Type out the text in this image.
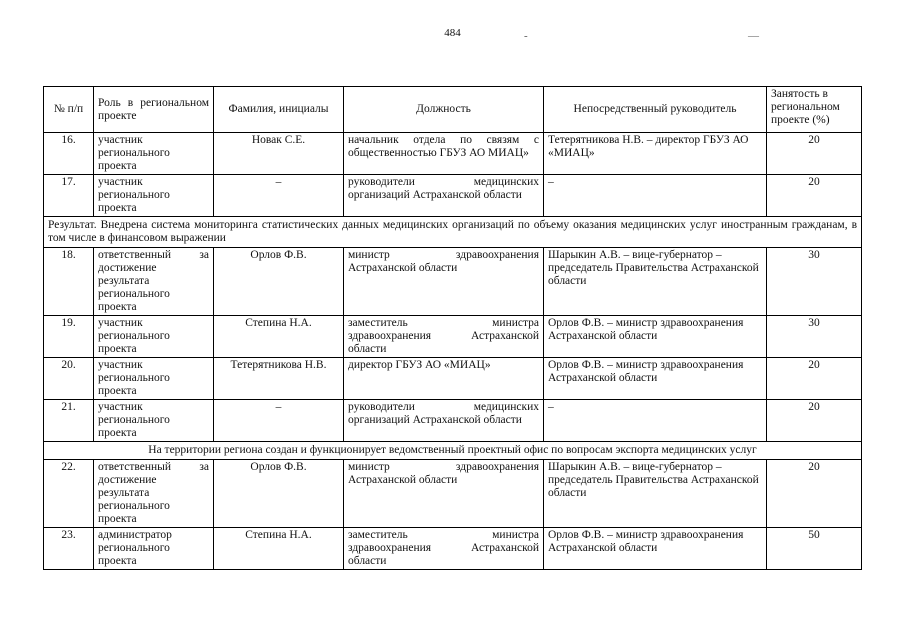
484	-	—
№ п/п	Роль в региональном проекте	Фамилия, инициалы	Должность	Непосредственный руководитель	Занятость в региональном проекте (%)
16.	участник регионального проекта	Новак С.Е.	начальник отдела по связям с общественностью ГБУЗ АО МИАЦ»	Тетерятникова Н.В. – директор ГБУЗ АО «МИАЦ»	20
17.	участник регионального проекта	–	руководители медицинских организаций Астраханской области	–	20
Результат. Внедрена система мониторинга статистических данных медицинских организаций по объему оказания медицинских услуг иностранным гражданам, в том числе в финансовом выражении					
18.	ответственный за достижение результата регионального проекта	Орлов Ф.В.	министр здравоохранения Астраханской области	Шарыкин А.В. – вице-губернатор – председатель Правительства Астраханской области	30
19.	участник регионального проекта	Степина Н.А.	заместитель министра здравоохранения Астраханской области	Орлов Ф.В. – министр здравоохранения Астраханской области	30
20.	участник регионального проекта	Тетерятникова Н.В.	директор ГБУЗ АО «МИАЦ»	Орлов Ф.В. – министр здравоохранения Астраханской области	20
21.	участник регионального проекта	–	руководители медицинских организаций Астраханской области	–	20
На территории региона создан и функционирует ведомственный проектный офис по вопросам экспорта медицинских услуг					
22.	ответственный за достижение результата регионального проекта	Орлов Ф.В.	министр здравоохранения Астраханской области	Шарыкин А.В. – вице-губернатор – председатель Правительства Астраханской области	20
23.	администратор регионального проекта	Степина Н.А.	заместитель министра здравоохранения Астраханской области	Орлов Ф.В. – министр здравоохранения Астраханской области	50
